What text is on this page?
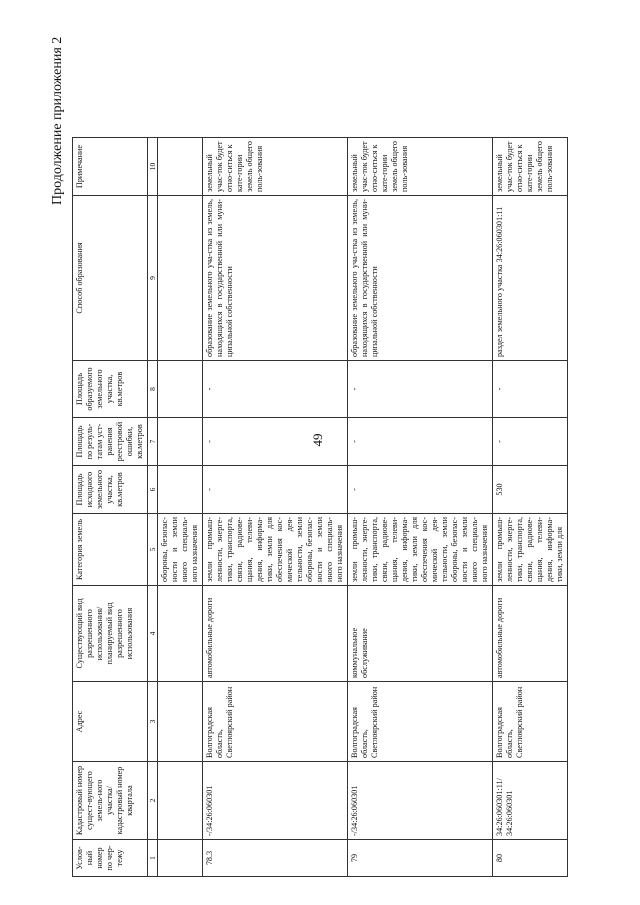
49
Продолжение приложения 2
Услов-ный номер по чер-тежу	Кадастровый номер сущест-вующего земель-ного участка/ кадастровый номер квартала	Адрес	Существующий вид разрешенного использования/ планируемый вид разрешенного использования	Категория земель	Площадь исходного земельного участка, кв.метров	Площадь по резуль-татам уст-ранения реестровой ошибки, кв.метров	Площадь образуемого земельного участка, кв.метров	Способ образования	Примечание
1	2	3	4	5	6	7	8	9	10
				обороны, безопас-ности и земли иного специаль-ного назначения					
78.3	-/34:26:060301	Волгоградская область, Светлоярский район	автомобильные дороги	земли промыш-ленности, энерге-тики, транспорта, связи, радиове-щания, телеви-дения, информа-тики, земли для обеспечения кос-мической дея-тельности, земли обороны, безопас-ности и земли иного специаль-ного назначения	-	-	-	образование земельного уча-стка из земель, находящихся в государственной или муни-ципальной собственности	земельный учас-ток будет отно-ситься к кате-гории земель общего поль-зования
79	-/34:26:060301	Волгоградская область, Светлоярский район	коммунальное обслуживание	земли промыш-ленности, энерге-тики, транспорта, связи, радиове-щания, телеви-дения, информа-тики, земли для обеспечения кос-мической дея-тельности, земли обороны, безопас-ности и земли иного специаль-ного назначения	-	-	-	образование земельного уча-стка из земель, находящихся в государственной или муни-ципальной собственности	земельный учас-ток будет отно-ситься к кате-гории земель общего поль-зования
80	34:26:060301:11/ 34:26:060301	Волгоградская область, Светлоярский район	автомобильные дороги	земли промыш-ленности, энерге-тики, транспорта, связи, радиове-щания, телеви-дения, информа-тики, земли для	530	-	-	раздел земельного участка 34:26:060301:11	земельный учас-ток будет отно-ситься к кате-гории земель общего поль-зования
